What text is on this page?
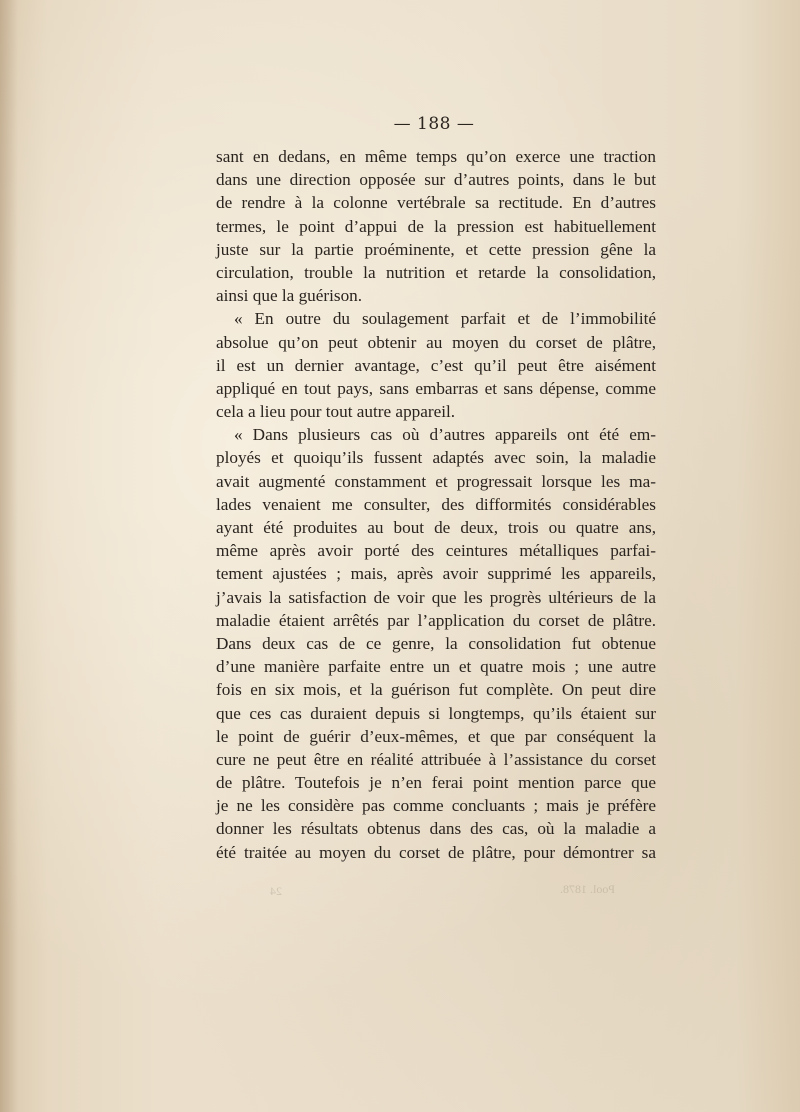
— 188 —
sant en dedans, en même temps qu’on exerce une traction
dans une direction opposée sur d’autres points, dans le but
de rendre à la colonne vertébrale sa rectitude. En d’autres
termes, le point d’appui de la pression est habituellement
juste sur la partie proéminente, et cette pression gêne la
circulation, trouble la nutrition et retarde la consolidation,
ainsi que la guérison.
« En outre du soulagement parfait et de l’immobilité
absolue qu’on peut obtenir au moyen du corset de plâtre,
il est un dernier avantage, c’est qu’il peut être aisément
appliqué en tout pays, sans embarras et sans dépense, comme
cela a lieu pour tout autre appareil.
« Dans plusieurs cas où d’autres appareils ont été em-
ployés et quoiqu’ils fussent adaptés avec soin, la maladie
avait augmenté constamment et progressait lorsque les ma-
lades venaient me consulter, des difformités considérables
ayant été produites au bout de deux, trois ou quatre ans,
même après avoir porté des ceintures métalliques parfai-
tement ajustées ; mais, après avoir supprimé les appareils,
j’avais la satisfaction de voir que les progrès ultérieurs de la
maladie étaient arrêtés par l’application du corset de plâtre.
Dans deux cas de ce genre, la consolidation fut obtenue
d’une manière parfaite entre un et quatre mois ; une autre
fois en six mois, et la guérison fut complète. On peut dire
que ces cas duraient depuis si longtemps, qu’ils étaient sur
le point de guérir d’eux-mêmes, et que par conséquent la
cure ne peut être en réalité attribuée à l’assistance du corset
de plâtre. Toutefois je n’en ferai point mention parce que
je ne les considère pas comme concluants ; mais je préfère
donner les résultats obtenus dans des cas, où la maladie a
été traitée au moyen du corset de plâtre, pour démontrer sa
Pool. 1878.
24
